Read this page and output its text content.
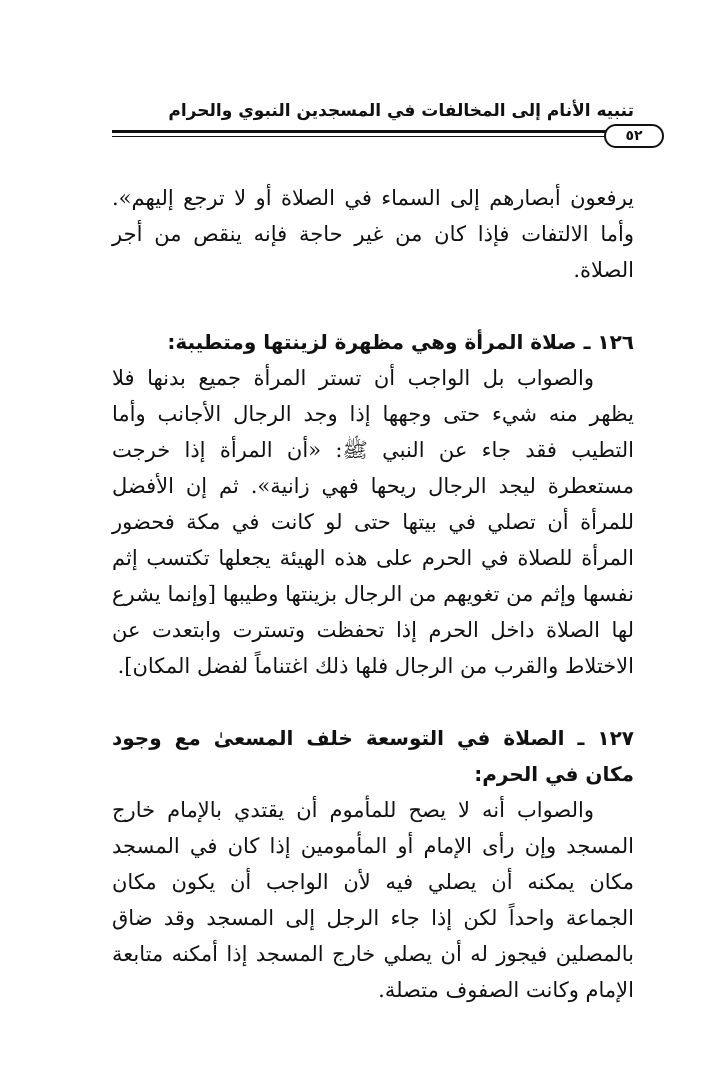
تنبيه الأنام إلى المخالفات في المسجدين النبوي والحرام
٥٢

يرفعون أبصارهم إلى السماء في الصلاة أو لا ترجع إليهم». وأما الالتفات فإذا كان من غير حاجة فإنه ينقص من أجر الصلاة.

١٢٦ ـ صلاة المرأة وهي مظهرة لزينتها ومتطيبة:

والصواب بل الواجب أن تستر المرأة جميع بدنها فلا يظهر منه شيء حتى وجهها إذا وجد الرجال الأجانب وأما التطيب فقد جاء عن النبي ﷺ: «أن المرأة إذا خرجت مستعطرة ليجد الرجال ريحها فهي زانية». ثم إن الأفضل للمرأة أن تصلي في بيتها حتى لو كانت في مكة فحضور المرأة للصلاة في الحرم على هذه الهيئة يجعلها تكتسب إثم نفسها وإثم من تغويهم من الرجال بزينتها وطيبها [وإنما يشرع لها الصلاة داخل الحرم إذا تحفظت وتسترت وابتعدت عن الاختلاط والقرب من الرجال فلها ذلك اغتناماً لفضل المكان].

١٢٧ ـ الصلاة في التوسعة خلف المسعىٰ مع وجود مكان في الحرم:

والصواب أنه لا يصح للمأموم أن يقتدي بالإمام خارج المسجد وإن رأى الإمام أو المأمومين إذا كان في المسجد مكان يمكنه أن يصلي فيه لأن الواجب أن يكون مكان الجماعة واحداً لكن إذا جاء الرجل إلى المسجد وقد ضاق بالمصلين فيجوز له أن يصلي خارج المسجد إذا أمكنه متابعة الإمام وكانت الصفوف متصلة.
